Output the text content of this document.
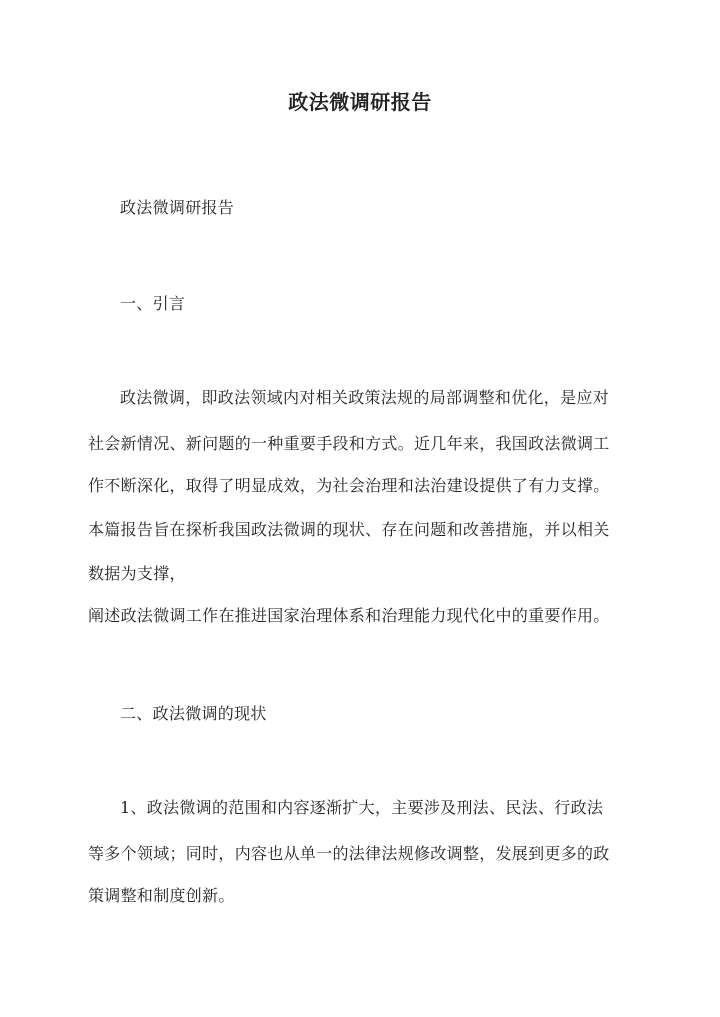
政法微调研报告
政法微调研报告
一、引言
政法微调，即政法领域内对相关政策法规的局部调整和优化，是应对
社会新情况、新问题的一种重要手段和方式。近几年来，我国政法微调工
作不断深化，取得了明显成效，为社会治理和法治建设提供了有力支撑。
本篇报告旨在探析我国政法微调的现状、存在问题和改善措施，并以相关
数据为支撑，
阐述政法微调工作在推进国家治理体系和治理能力现代化中的重要作用。
二、政法微调的现状
1、政法微调的范围和内容逐渐扩大，主要涉及刑法、民法、行政法
等多个领域；同时，内容也从单一的法律法规修改调整，发展到更多的政
策调整和制度创新。
